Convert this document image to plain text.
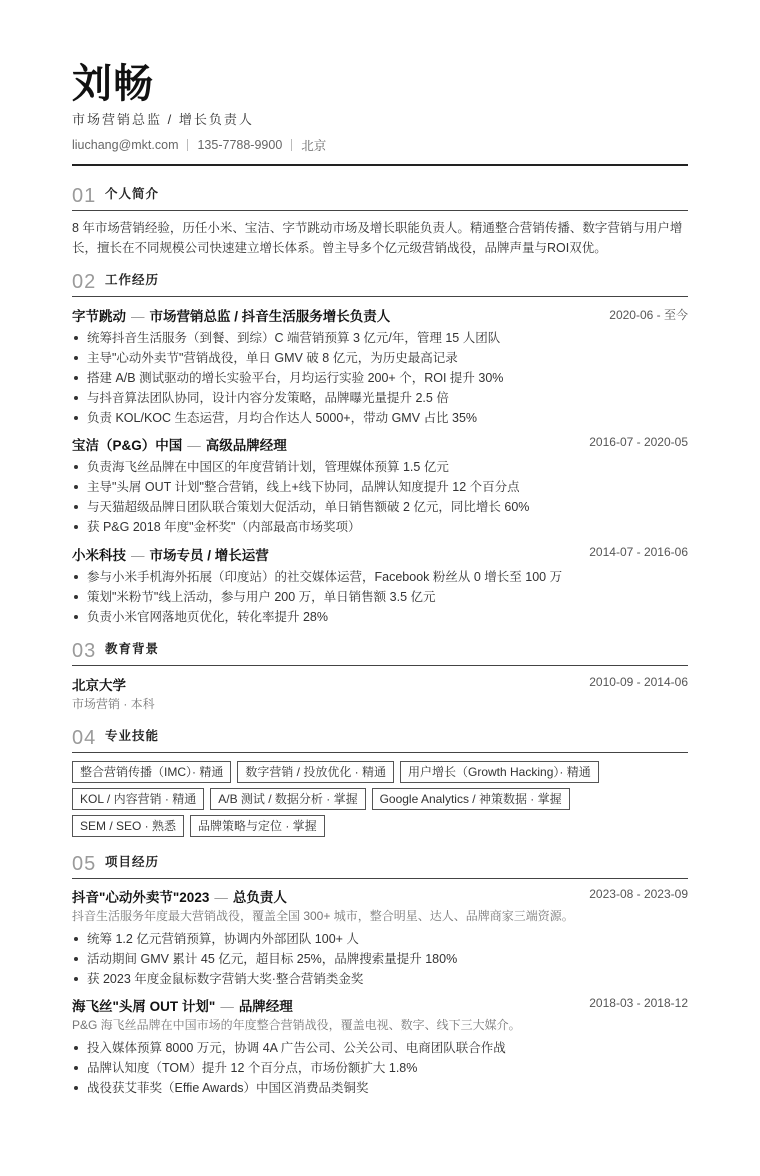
刘畅
市场营销总监 / 增长负责人
liuchang@mkt.com 135-7788-9900 北京
01 个人简介
8 年市场营销经验，历任小米、宝洁、字节跳动市场及增长职能负责人。精通整合营销传播、数字营销与用户增
长，擅长在不同规模公司快速建立增长体系。曾主导多个亿元级营销战役，品牌声量与ROI双优。
02 工作经历
字节跳动 — 市场营销总监 / 抖音生活服务增长负责人	2020-06 - 至今
统筹抖音生活服务（到餐、到综）C 端营销预算 3 亿元/年，管理 15 人团队
主导"心动外卖节"营销战役，单日 GMV 破 8 亿元，为历史最高记录
搭建 A/B 测试驱动的增长实验平台，月均运行实验 200+ 个，ROI 提升 30%
与抖音算法团队协同，设计内容分发策略，品牌曝光量提升 2.5 倍
负责 KOL/KOC 生态运营，月均合作达人 5000+，带动 GMV 占比 35%
宝洁（P&G）中国 — 高级品牌经理	2016-07 - 2020-05
负责海飞丝品牌在中国区的年度营销计划，管理媒体预算 1.5 亿元
主导"头屑 OUT 计划"整合营销，线上+线下协同，品牌认知度提升 12 个百分点
与天猫超级品牌日团队联合策划大促活动，单日销售额破 2 亿元，同比增长 60%
获 P&G 2018 年度"金杯奖"（内部最高市场奖项）
小米科技 — 市场专员 / 增长运营	2014-07 - 2016-06
参与小米手机海外拓展（印度站）的社交媒体运营，Facebook 粉丝从 0 增长至 100 万
策划"米粉节"线上活动，参与用户 200 万，单日销售额 3.5 亿元
负责小米官网落地页优化，转化率提升 28%
03 教育背景
北京大学	2010-09 - 2014-06
市场营销 · 本科
04 专业技能
整合营销传播（IMC）· 精通	数字营销 / 投放优化 · 精通	用户增长（Growth Hacking）· 精通
KOL / 内容营销 · 精通	A/B 测试 / 数据分析 · 掌握	Google Analytics / 神策数据 · 掌握
SEM / SEO · 熟悉	品牌策略与定位 · 掌握
05 项目经历
抖音"心动外卖节"2023 — 总负责人	2023-08 - 2023-09
抖音生活服务年度最大营销战役，覆盖全国 300+ 城市，整合明星、达人、品牌商家三端资源。
统筹 1.2 亿元营销预算，协调内外部团队 100+ 人
活动期间 GMV 累计 45 亿元，超目标 25%，品牌搜索量提升 180%
获 2023 年度金鼠标数字营销大奖·整合营销类金奖
海飞丝"头屑 OUT 计划" — 品牌经理	2018-03 - 2018-12
P&G 海飞丝品牌在中国市场的年度整合营销战役，覆盖电视、数字、线下三大媒介。
投入媒体预算 8000 万元，协调 4A 广告公司、公关公司、电商团队联合作战
品牌认知度（TOM）提升 12 个百分点，市场份额扩大 1.8%
战役获艾菲奖（Effie Awards）中国区消费品类铜奖
